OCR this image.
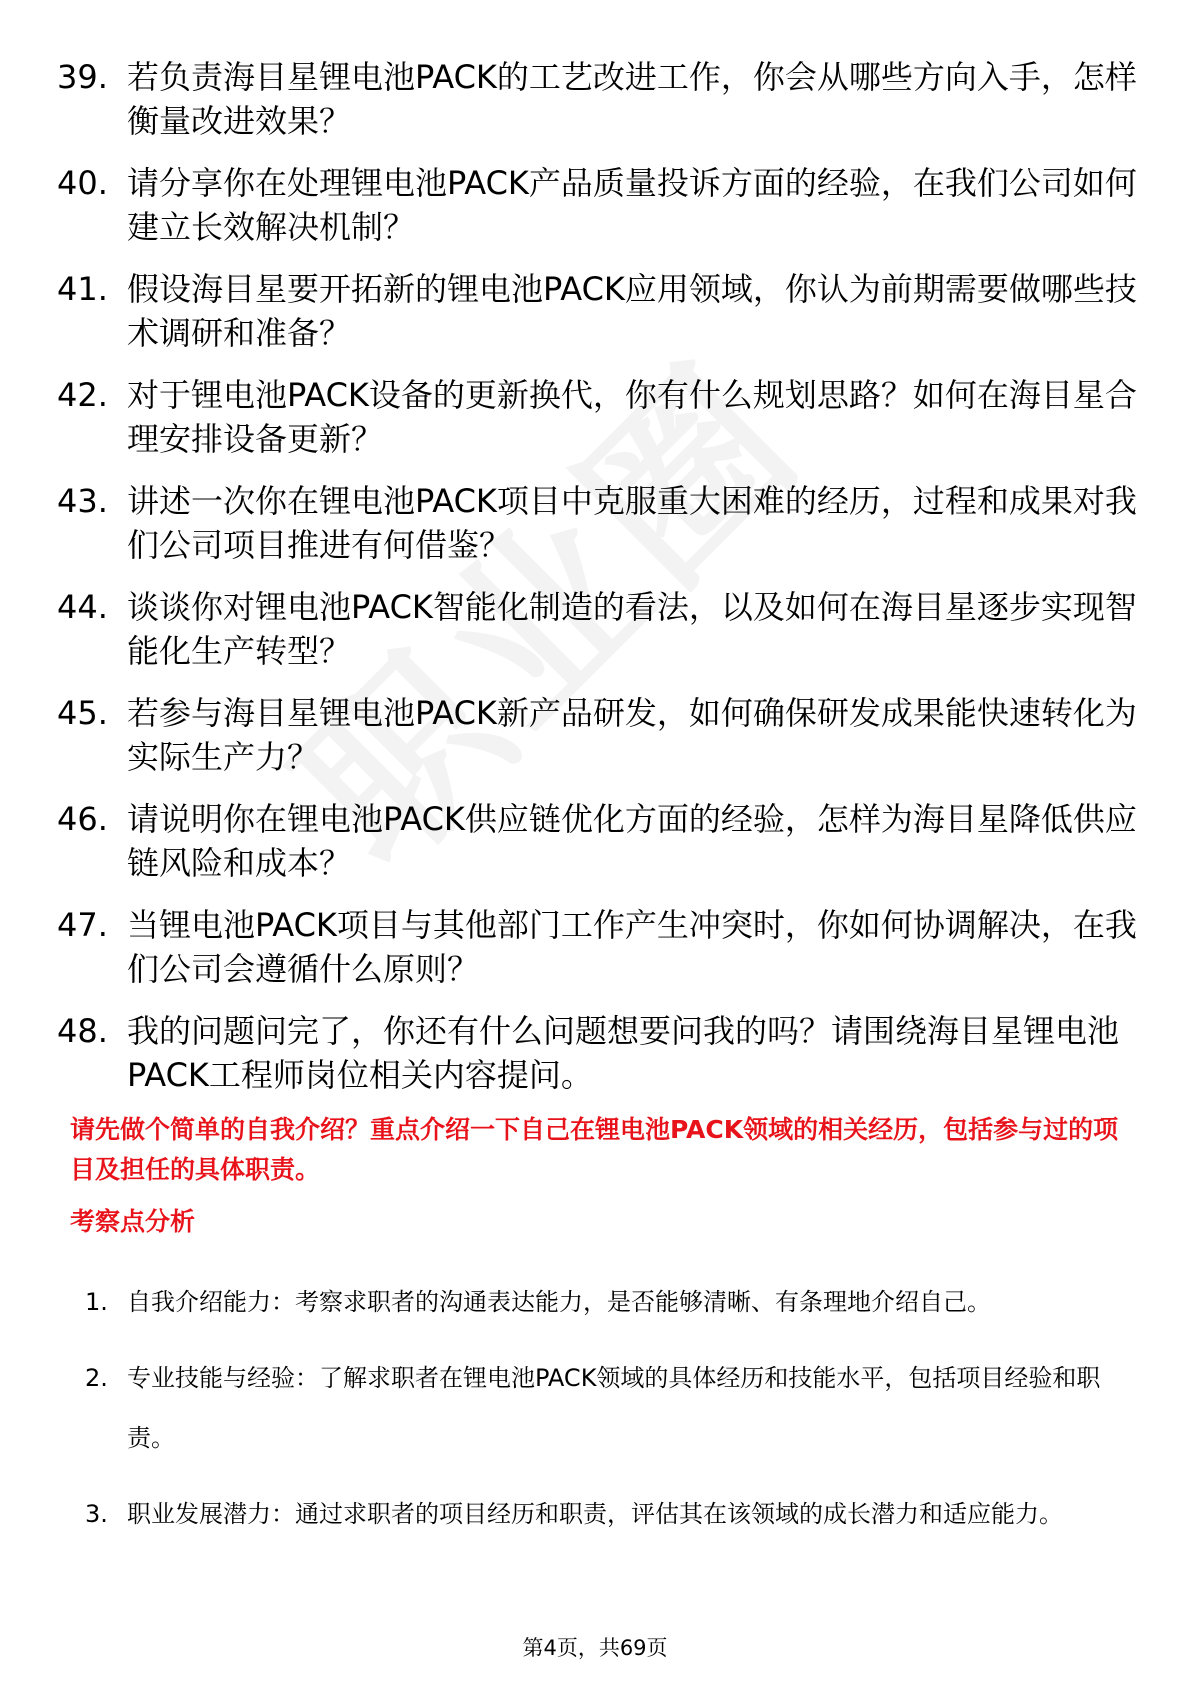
39. 若负责海目星锂电池PACK的工艺改进工作，你会从哪些方向入手，怎样衡量改进效果？
40. 请分享你在处理锂电池PACK产品质量投诉方面的经验，在我们公司如何建立长效解决机制？
41. 假设海目星要开拓新的锂电池PACK应用领域，你认为前期需要做哪些技术调研和准备？
42. 对于锂电池PACK设备的更新换代，你有什么规划思路？如何在海目星合理安排设备更新？
43. 讲述一次你在锂电池PACK项目中克服重大困难的经历，过程和成果对我们公司项目推进有何借鉴？
44. 谈谈你对锂电池PACK智能化制造的看法，以及如何在海目星逐步实现智能化生产转型？
45. 若参与海目星锂电池PACK新产品研发，如何确保研发成果能快速转化为实际生产力？
46. 请说明你在锂电池PACK供应链优化方面的经验，怎样为海目星降低供应链风险和成本？
47. 当锂电池PACK项目与其他部门工作产生冲突时，你如何协调解决，在我们公司会遵循什么原则？
48. 我的问题问完了，你还有什么问题想要问我的吗？请围绕海目星锂电池PACK工程师岗位相关内容提问。
请先做个简单的自我介绍？重点介绍一下自己在锂电池PACK领域的相关经历，包括参与过的项目及担任的具体职责。
考察点分析
1. 自我介绍能力：考察求职者的沟通表达能力，是否能够清晰、有条理地介绍自己。
2. 专业技能与经验：了解求职者在锂电池PACK领域的具体经历和技能水平，包括项目经验和职责。
3. 职业发展潜力：通过求职者的项目经历和职责，评估其在该领域的成长潜力和适应能力。
第4页，共69页
